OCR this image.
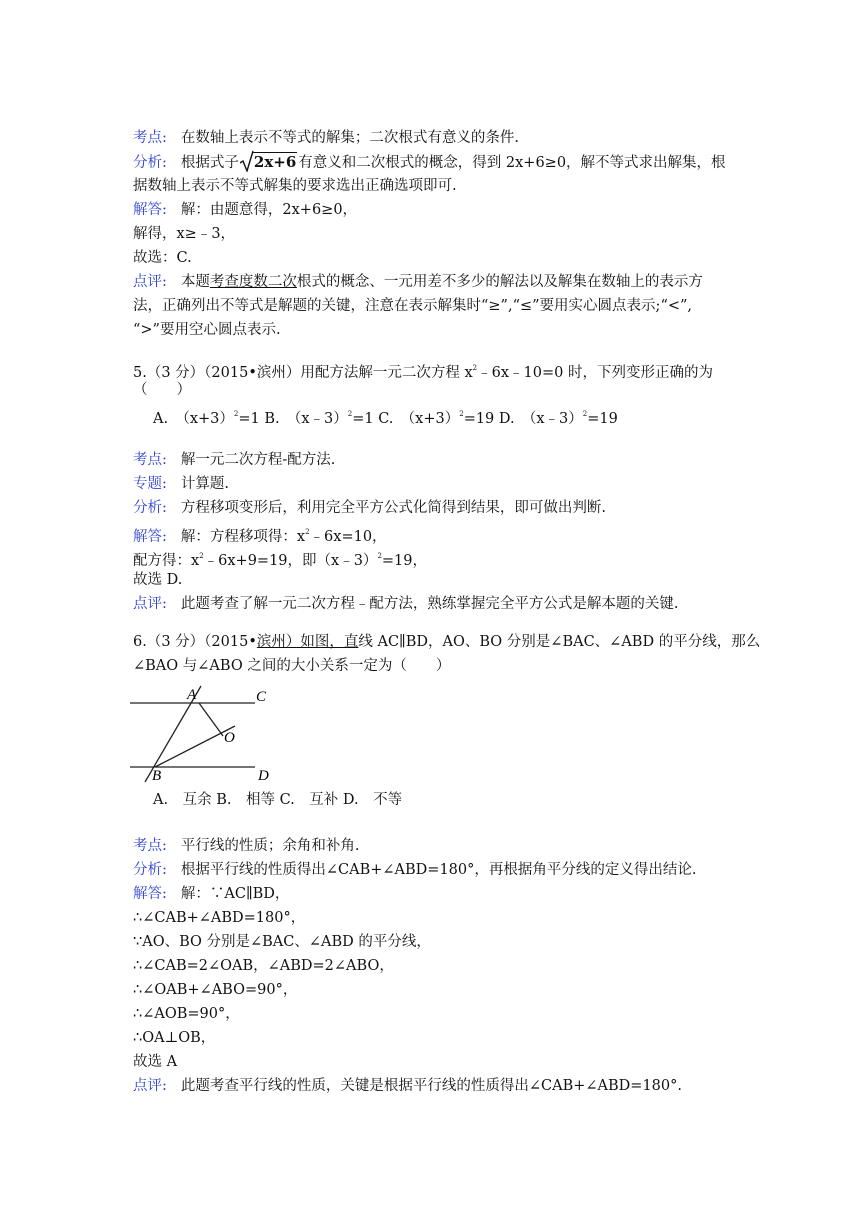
考点: 在数轴上表示不等式的解集；二次根式有意义的条件.
分析: 根据式子 2x+6 有意义和二次根式的概念，得到 2x+6≥0，解不等式求出解集，根
据数轴上表示不等式解集的要求选出正确选项即可.
解答: 解：由题意得，2x+6≥0，
解得，x≥﹣3，
故选：C.
点评: 本题考查度数二次根式的概念、一元用差不多少的解法以及解集在数轴上的表示方
法，正确列出不等式是解题的关键，注意在表示解集时“≥”,“≤”要用实心圆点表示;“<”,
“>”要用空心圆点表示.
5.（3 分）（2015•滨州）用配方法解一元二次方程 $x^2﹣6x﹣10=0$ 时，下列变形正确的为
（　　）
A.　$(x+3)^2=1$ B.　（x﹣3）$^2$=1 C.　$(x+3)^2=19$ D.　（x﹣3）$^2$=19
考点: 解一元二次方程-配方法.
专题: 计算题.
分析: 方程移项变形后，利用完全平方公式化简得到结果，即可做出判断.
解答: 解：方程移项得：$x^2﹣6x=10$，
配方得：$x^2﹣6x+9=19$，即（x﹣3）$^2$=19，
故选 D.
点评: 此题考查了解一元二次方程﹣配方法，熟练掌握完全平方公式是解本题的关键.
6.（3 分）（2015•滨州）如图，直线 AC∥BD，AO、BO 分别是∠BAC、∠ABD 的平分线，那么
∠BAO 与∠ABO 之间的大小关系一定为（　　）
A	C
O
B	D
A.　互余 B.　相等 C.　互补 D.　不等
考点: 平行线的性质；余角和补角.
分析: 根据平行线的性质得出∠CAB+∠ABD=180°，再根据角平分线的定义得出结论.
解答: 解：∵AC∥BD，
∴∠CAB+∠ABD=180°，
∵AO、BO 分别是∠BAC、∠ABD 的平分线，
∴∠CAB=2∠OAB，∠ABD=2∠ABO，
∴∠OAB+∠ABO=90°，
∴∠AOB=90°，
∴OA⊥OB，
故选 A
点评: 此题考查平行线的性质，关键是根据平行线的性质得出∠CAB+∠ABD=180°.
